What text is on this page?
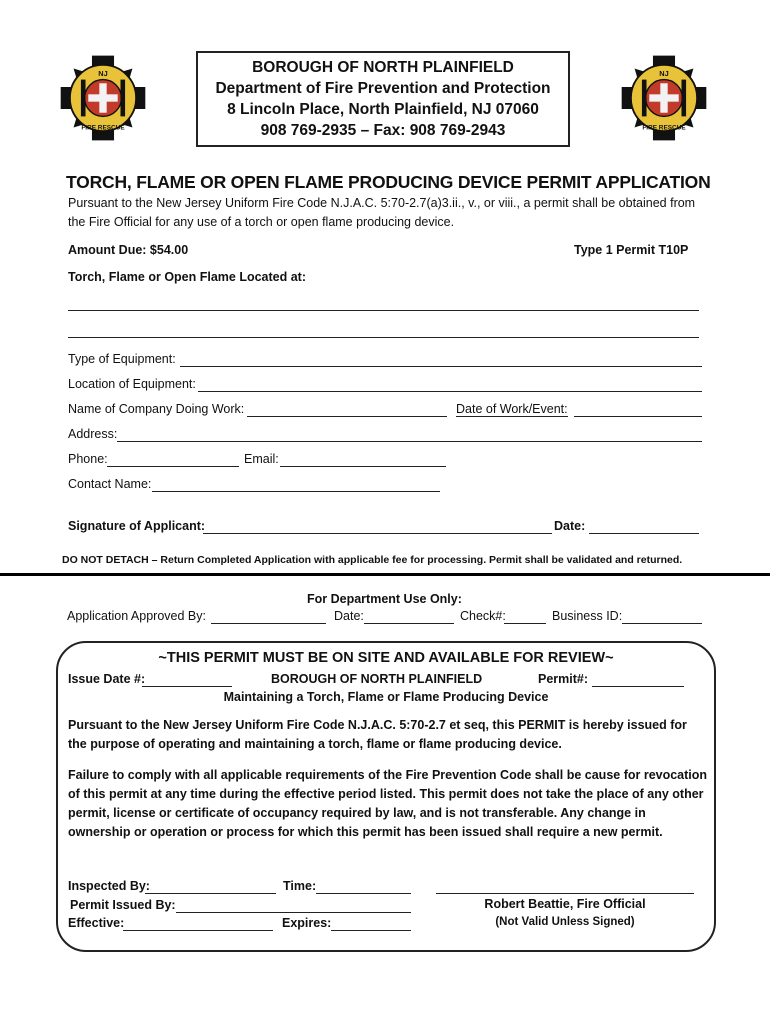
NJ
FIRE RESCUE
NJ
FIRE RESCUE
BOROUGH OF NORTH PLAINFIELD
Department of Fire Prevention and Protection
8 Lincoln Place, North Plainfield, NJ 07060
908 769-2935 – Fax: 908 769-2943
TORCH, FLAME OR OPEN FLAME PRODUCING DEVICE PERMIT APPLICATION
Pursuant to the New Jersey Uniform Fire Code N.J.A.C. 5:70-2.7(a)3.ii., v., or viii., a permit shall be obtained from the Fire Official for any use of a torch or open flame producing device.
Amount Due: $54.00	Type 1 Permit T10P
Torch, Flame or Open Flame Located at:
Type of Equipment:
Location of Equipment:
Name of Company Doing Work:	Date of Work/Event:
Address:
Phone:	Email:
Contact Name:
Signature of Applicant:	Date:
DO NOT DETACH – Return Completed Application with applicable fee for processing. Permit shall be validated and returned.
For Department Use Only:
Application Approved By:	Date:	Check#:	Business ID:
~THIS PERMIT MUST BE ON SITE AND AVAILABLE FOR REVIEW~
Issue Date #:	BOROUGH OF NORTH PLAINFIELD	Permit#:
Maintaining a Torch, Flame or Flame Producing Device
Pursuant to the New Jersey Uniform Fire Code N.J.A.C. 5:70-2.7 et seq, this PERMIT is hereby issued for the purpose of operating and maintaining a torch, flame or flame producing device.
Failure to comply with all applicable requirements of the Fire Prevention Code shall be cause for revocation of this permit at any time during the effective period listed. This permit does not take the place of any other permit, license or certificate of occupancy required by law, and is not transferable. Any change in ownership or operation or process for which this permit has been issued shall require a new permit.
Inspected By:	Time:
Permit Issued By:	Robert Beattie, Fire Official
Effective:	Expires:	(Not Valid Unless Signed)
